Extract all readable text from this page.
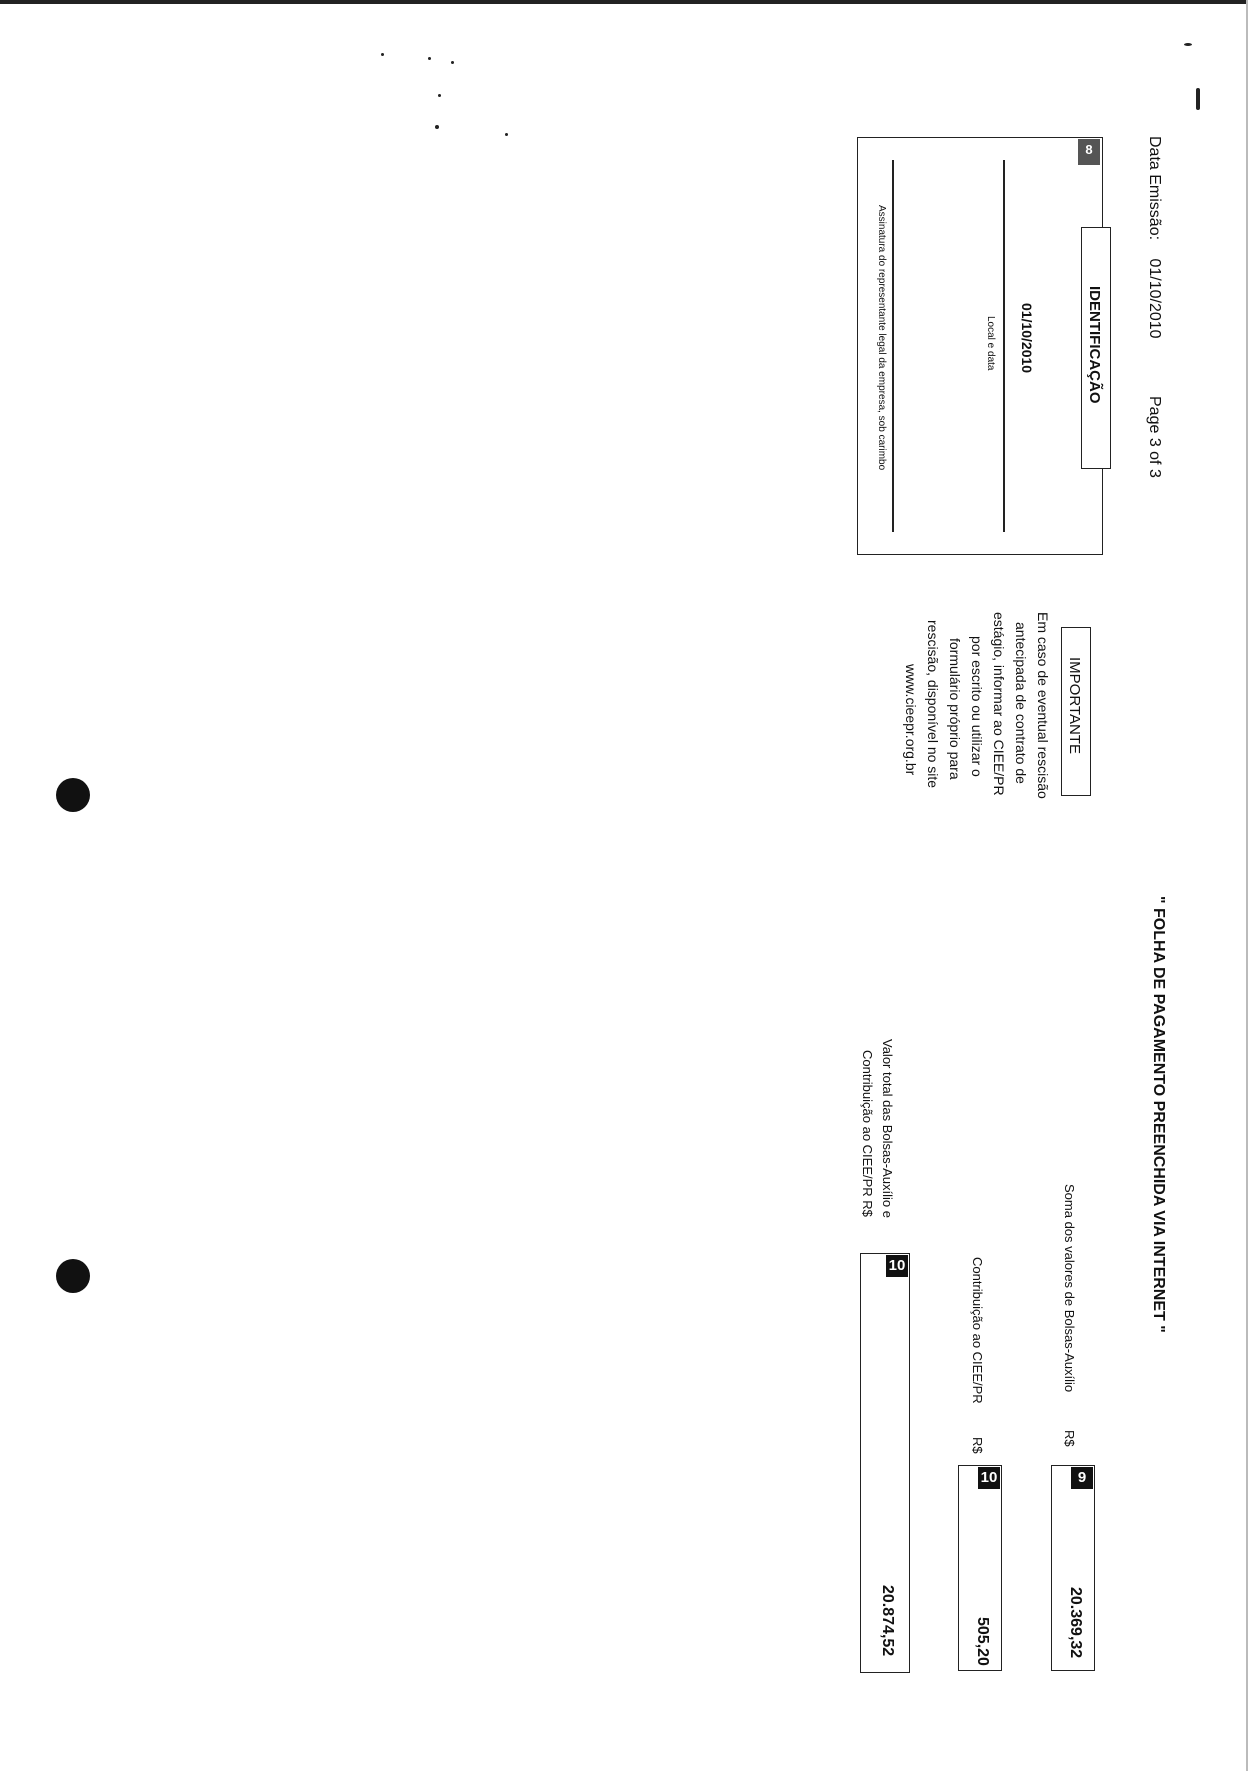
Data Emissão: 01/10/2010
Page 3 of 3
8
IDENTIFICAÇÃO
01/10/2010
Local e data
Assinatura do representante legal da empresa, sob carimbo
IMPORTANTE
Em caso de eventual rescisão
antecipada de contrato de
estágio, informar ao CIEE/PR
por escrito ou utilizar o
formulário próprio para
rescisão, disponível no site
www.cieepr.org.br
" FOLHA DE PAGAMENTO PREENCHIDA VIA INTERNET "
Soma dos valores de Bolsas-Auxílio
R$
9
20.369,32
Contribuição ao CIEE/PR
R$
10
505,20
Valor total das Bolsas-Auxílio e
Contribuição ao CIEE/PR R$
10
20.874,52
